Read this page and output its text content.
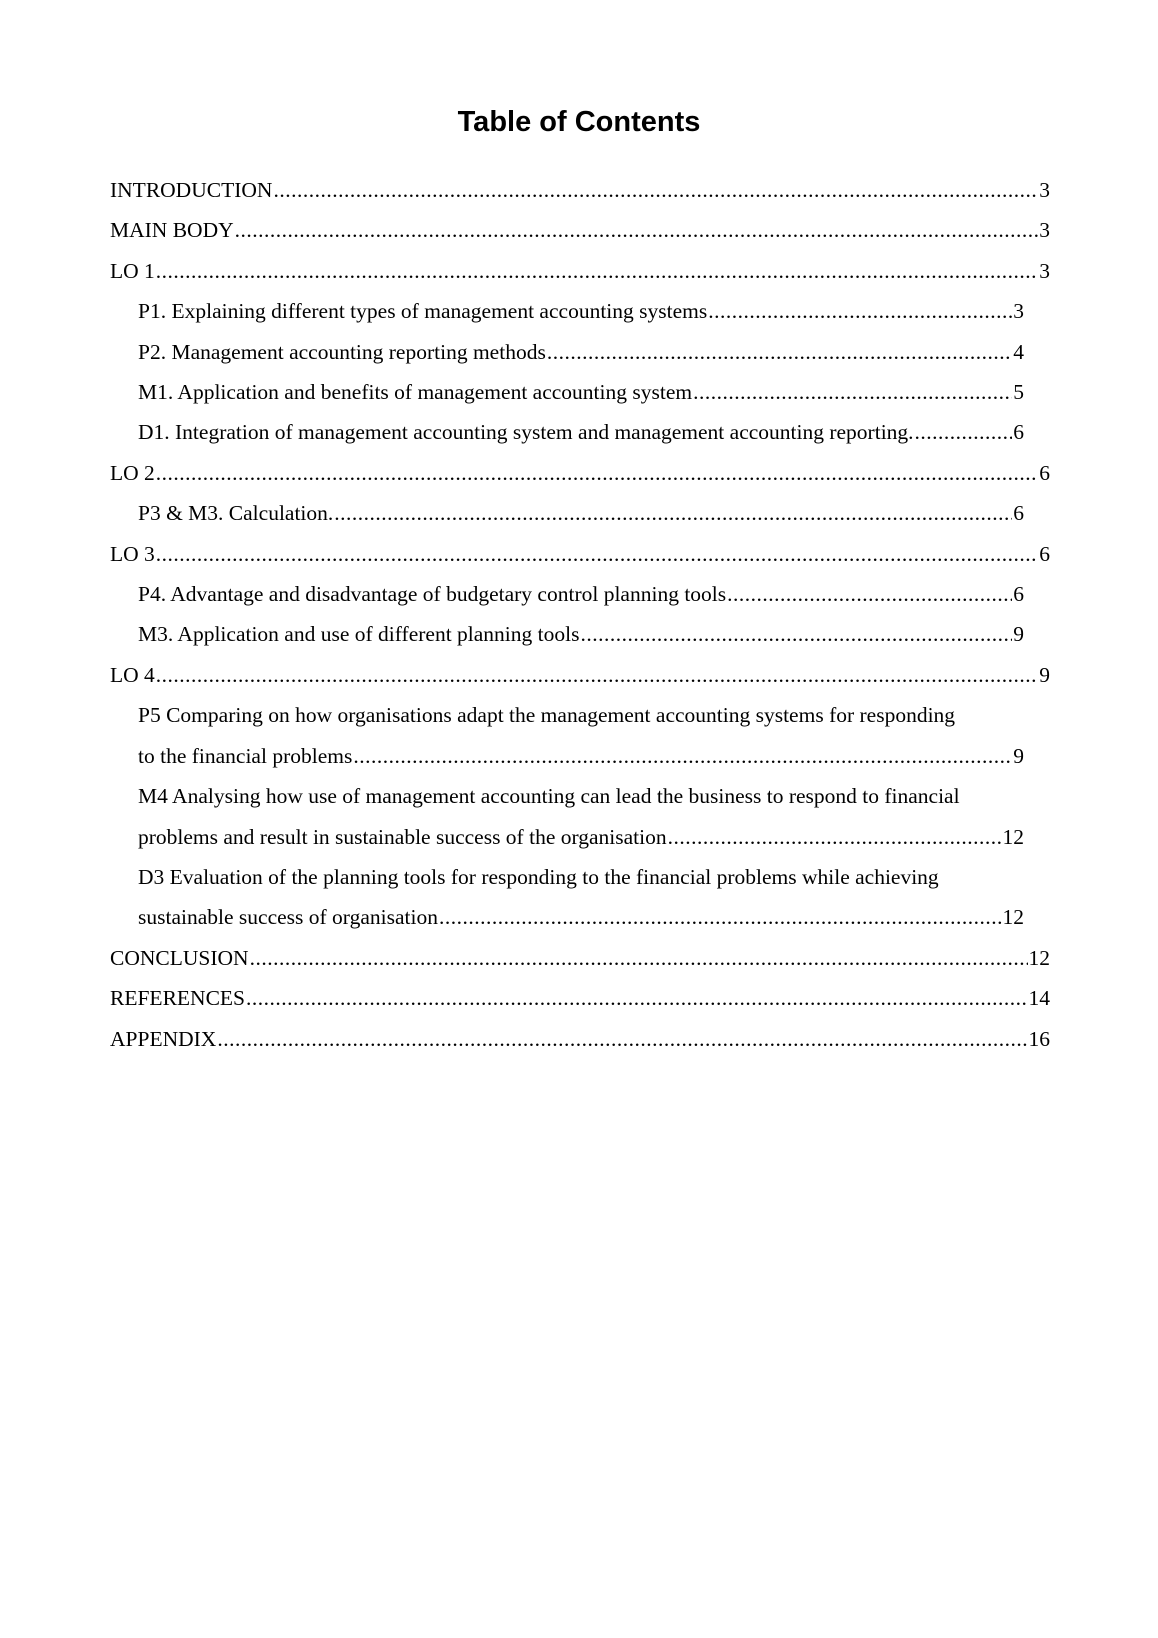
Table of Contents
INTRODUCTION .....	3
MAIN BODY .....	3
LO 1 .....	3
P1. Explaining different types of management accounting systems .....	3
P2. Management accounting reporting methods .....	4
M1. Application and benefits of management accounting system .....	5
D1. Integration of management accounting system and management accounting reporting. .....	6
LO 2 .....	6
P3 & M3. Calculation. .....	6
LO 3 .....	6
P4. Advantage and disadvantage of budgetary control planning tools .....	6
M3. Application and use of different planning tools .....	9
LO 4 .....	9
P5 Comparing on how organisations adapt the management accounting systems for responding
to the financial problems .....	9
M4 Analysing how use of management accounting can lead the business to respond to financial
problems and result in sustainable success of the organisation .....	12
D3 Evaluation of the planning tools for responding to the financial problems while achieving
sustainable success of organisation .....	12
CONCLUSION .....	12
REFERENCES .....	14
APPENDIX .....	16
